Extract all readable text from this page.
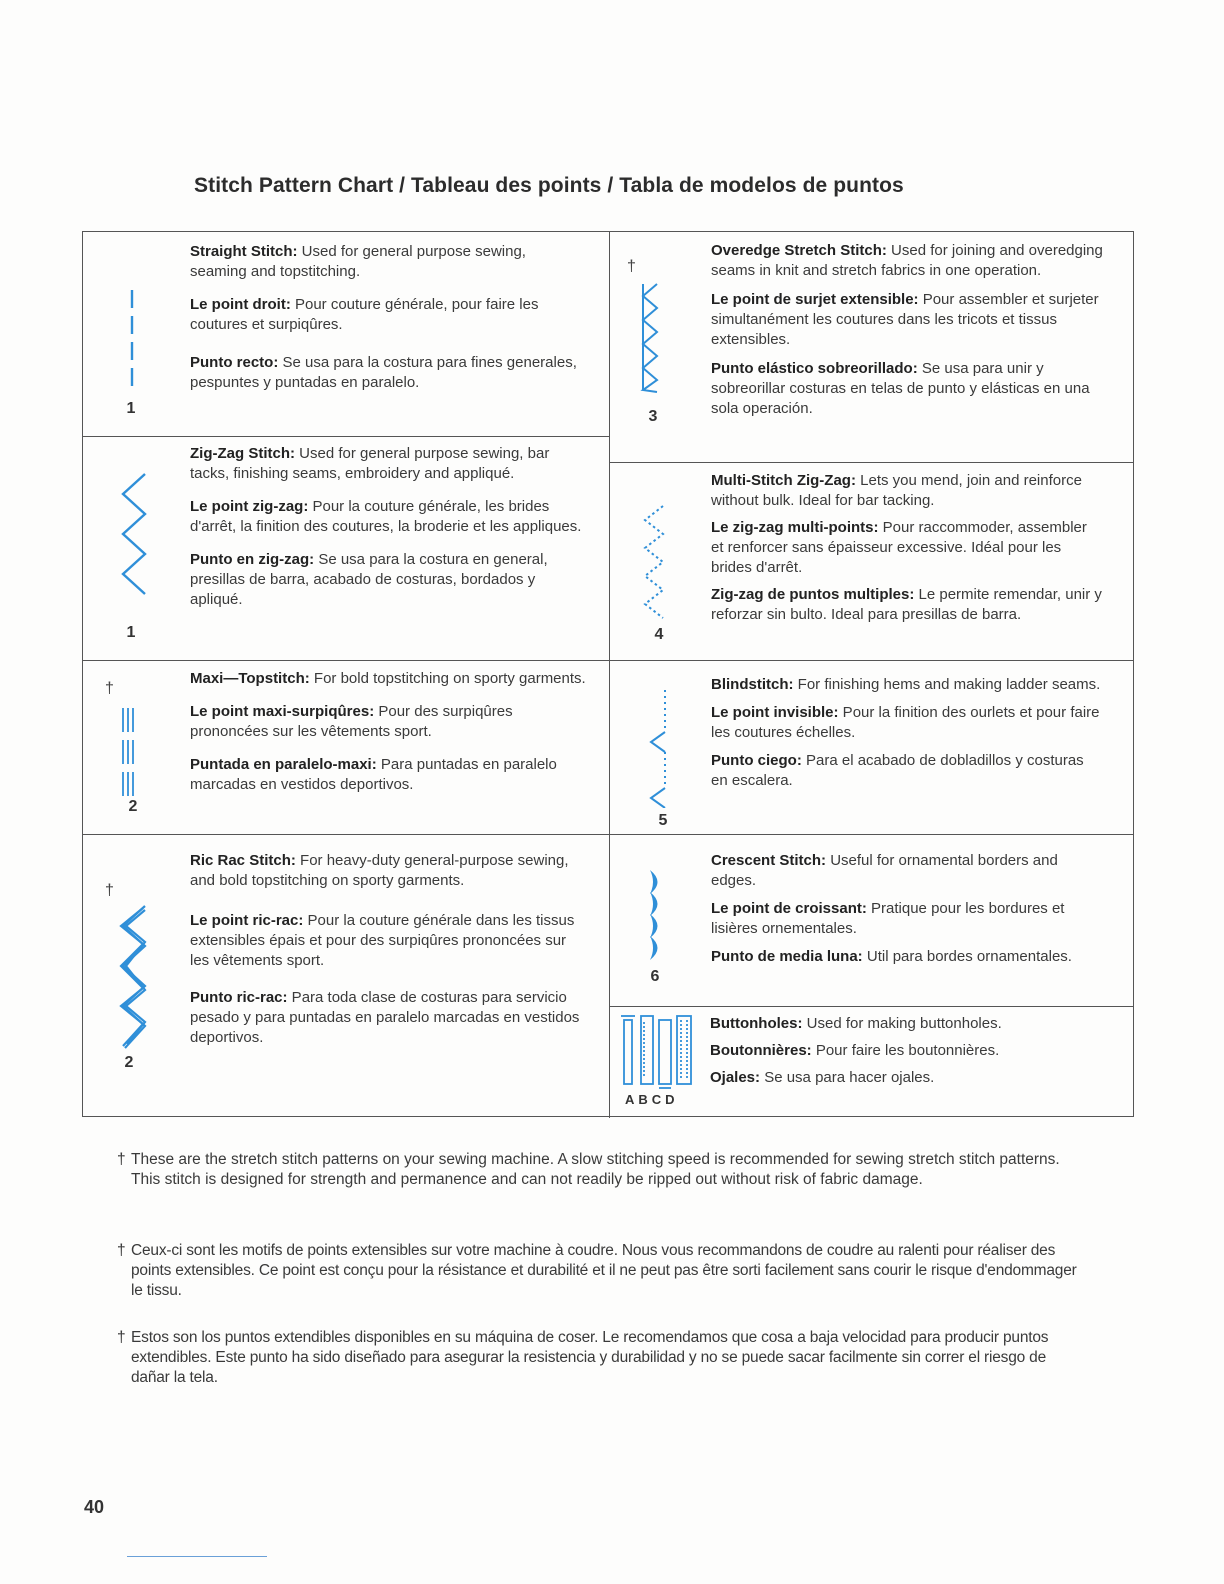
Stitch Pattern Chart / Tableau des points / Tabla de modelos de puntos
1

Straight Stitch: Used for general purpose sewing, seaming and topstitching.

Le point droit: Pour couture générale, pour faire les coutures et surpiqûres.

Punto recto: Se usa para la costura para fines generales, pespuntes y puntadas en paralelo.

1

Zig-Zag Stitch: Used for general purpose sewing, bar tacks, finishing seams, embroidery and appliqué.

Le point zig-zag: Pour la couture générale, les brides d'arrêt, la finition des coutures, la broderie et les appliques.

Punto en zig-zag: Se usa para la costura en general, presillas de barra, acabado de costuras, bordados y apliqué.

†
2

Maxi—Topstitch: For bold topstitching on sporty garments.

Le point maxi-surpiqûres: Pour des surpiqûres prononcées sur les vêtements sport.

Puntada en paralelo-maxi: Para puntadas en paralelo marcadas en vestidos deportivos.

†
2

Ric Rac Stitch: For heavy-duty general-purpose sewing, and bold topstitching on sporty garments.

Le point ric-rac: Pour la couture générale dans les tissus extensibles épais et pour des surpiqûres prononcées sur les vêtements sport.

Punto ric-rac: Para toda clase de costuras para servicio pesado y para puntadas en paralelo marcadas en vestidos deportivos.

†
3

Overedge Stretch Stitch: Used for joining and overedging seams in knit and stretch fabrics in one operation.

Le point de surjet extensible: Pour assembler et surjeter simultanément les coutures dans les tricots et tissus extensibles.

Punto elástico sobreorillado: Se usa para unir y sobreorillar costuras en telas de punto y elásticas en una sola operación.

4

Multi-Stitch Zig-Zag: Lets you mend, join and reinforce without bulk. Ideal for bar tacking.

Le zig-zag multi-points: Pour raccommoder, assembler et renforcer sans épaisseur excessive. Idéal pour les brides d'arrêt.

Zig-zag de puntos multiples: Le permite remendar, unir y reforzar sin bulto. Ideal para presillas de barra.

5

Blindstitch: For finishing hems and making ladder seams.

Le point invisible: Pour la finition des ourlets et pour faire les coutures échelles.

Punto ciego: Para el acabado de dobladillos y costuras en escalera.

6

Crescent Stitch: Useful for ornamental borders and edges.

Le point de croissant: Pratique pour les bordures et lisières ornementales.

Punto de media luna: Util para bordes ornamentales.

ABCD

Buttonholes: Used for making buttonholes.

Boutonnières: Pour faire les boutonnières.

Ojales: Se usa para hacer ojales.

† These are the stretch stitch patterns on your sewing machine. A slow stitching speed is recommended for sewing stretch stitch patterns. This stitch is designed for strength and permanence and can not readily be ripped out without risk of fabric damage.
† Ceux-ci sont les motifs de points extensibles sur votre machine à coudre. Nous vous recommandons de coudre au ralenti pour réaliser des points extensibles. Ce point est conçu pour la résistance et durabilité et il ne peut pas être sorti facilement sans courir le risque d'endommager le tissu.
† Estos son los puntos extendibles disponibles en su máquina de coser. Le recomendamos que cosa a baja velocidad para producir puntos extendibles. Este punto ha sido diseñado para asegurar la resistencia y durabilidad y no se puede sacar facilmente sin correr el riesgo de dañar la tela.
40
